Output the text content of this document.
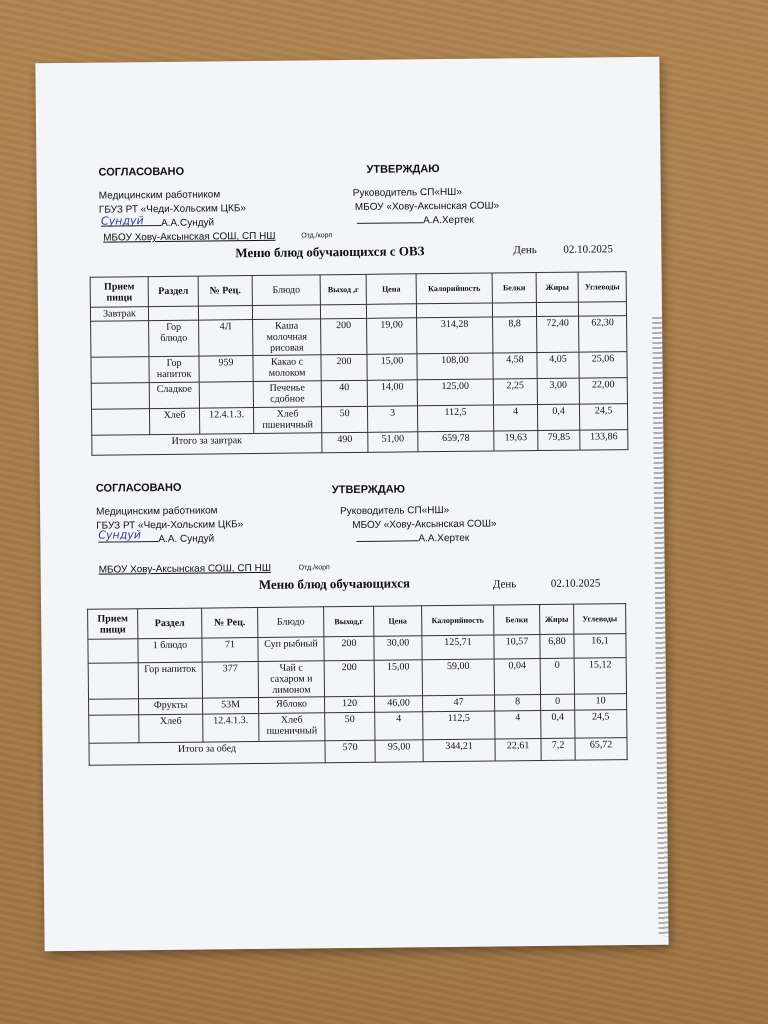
СОГЛАСОВАНО	УТВЕРЖДАЮ
Медицинским работником
ГБУЗ РТ «Чеди-Хольским ЦКБ»
Сундуй	А.А.Сундуй
Руководитель СП«НШ»
МБОУ «Хову-Аксынская СОШ»
А.А.Хертек
МБОУ Хову-Аксынская СОШ, СП НШ	Отд./корп
Меню блюд обучающихся с ОВЗ	День 02.10.2025
Прием пищи	Раздел	№ Рец.	Блюдо	Выход ,г	Цена	Калорийность	Белки	Жиры	Углеводы
Завтрак									
	Гор блюдо	4Л	Каша молочная рисовая	200	19,00	314,28	8,8	72,40	62,30
	Гор напиток	959	Какао с молоком	200	15,00	108,00	4,58	4,05	25,06
	Сладкое		Печенье сдобное	40	14,00	125,00	2,25	3,00	22,00
	Хлеб	12.4.1.3.	Хлеб пшеничный	50	3	112,5	4	0,4	24,5
Итого за завтрак				490	51,00	659,78	19,63	79,85	133,86
СОГЛАСОВАНО	УТВЕРЖДАЮ
Медицинским работником
ГБУЗ РТ «Чеди-Хольским ЦКБ»
Сундуй	А.А. Сундуй
Руководитель СП«НШ»
МБОУ «Хову-Аксынская СОШ»
А.А.Хертек
МБОУ Хову-Аксынская СОШ, СП НШ	Отд./корп
Меню блюд обучающихся	День	02.10.2025
Прием пищи	Раздел	№ Рец.	Блюдо	Выход,г	Цена	Калорийность	Белки	Жиры	Углеводы
	1 блюдо	71	Суп рыбный	200	30,00	125,71	10,57	6,80	16,1
	Гор напиток	377	Чай с сахаром и лимоном	200	15,00	59,00	0,04	0	15,12
	Фрукты	53М	Яблоко	120	46,00	47	8	0	10
	Хлеб	12.4.1.3.	Хлеб пшеничный	50	4	112,5	4	0,4	24,5
Итого за обед				570	95,00	344,21	22,61	7,2	65,72
